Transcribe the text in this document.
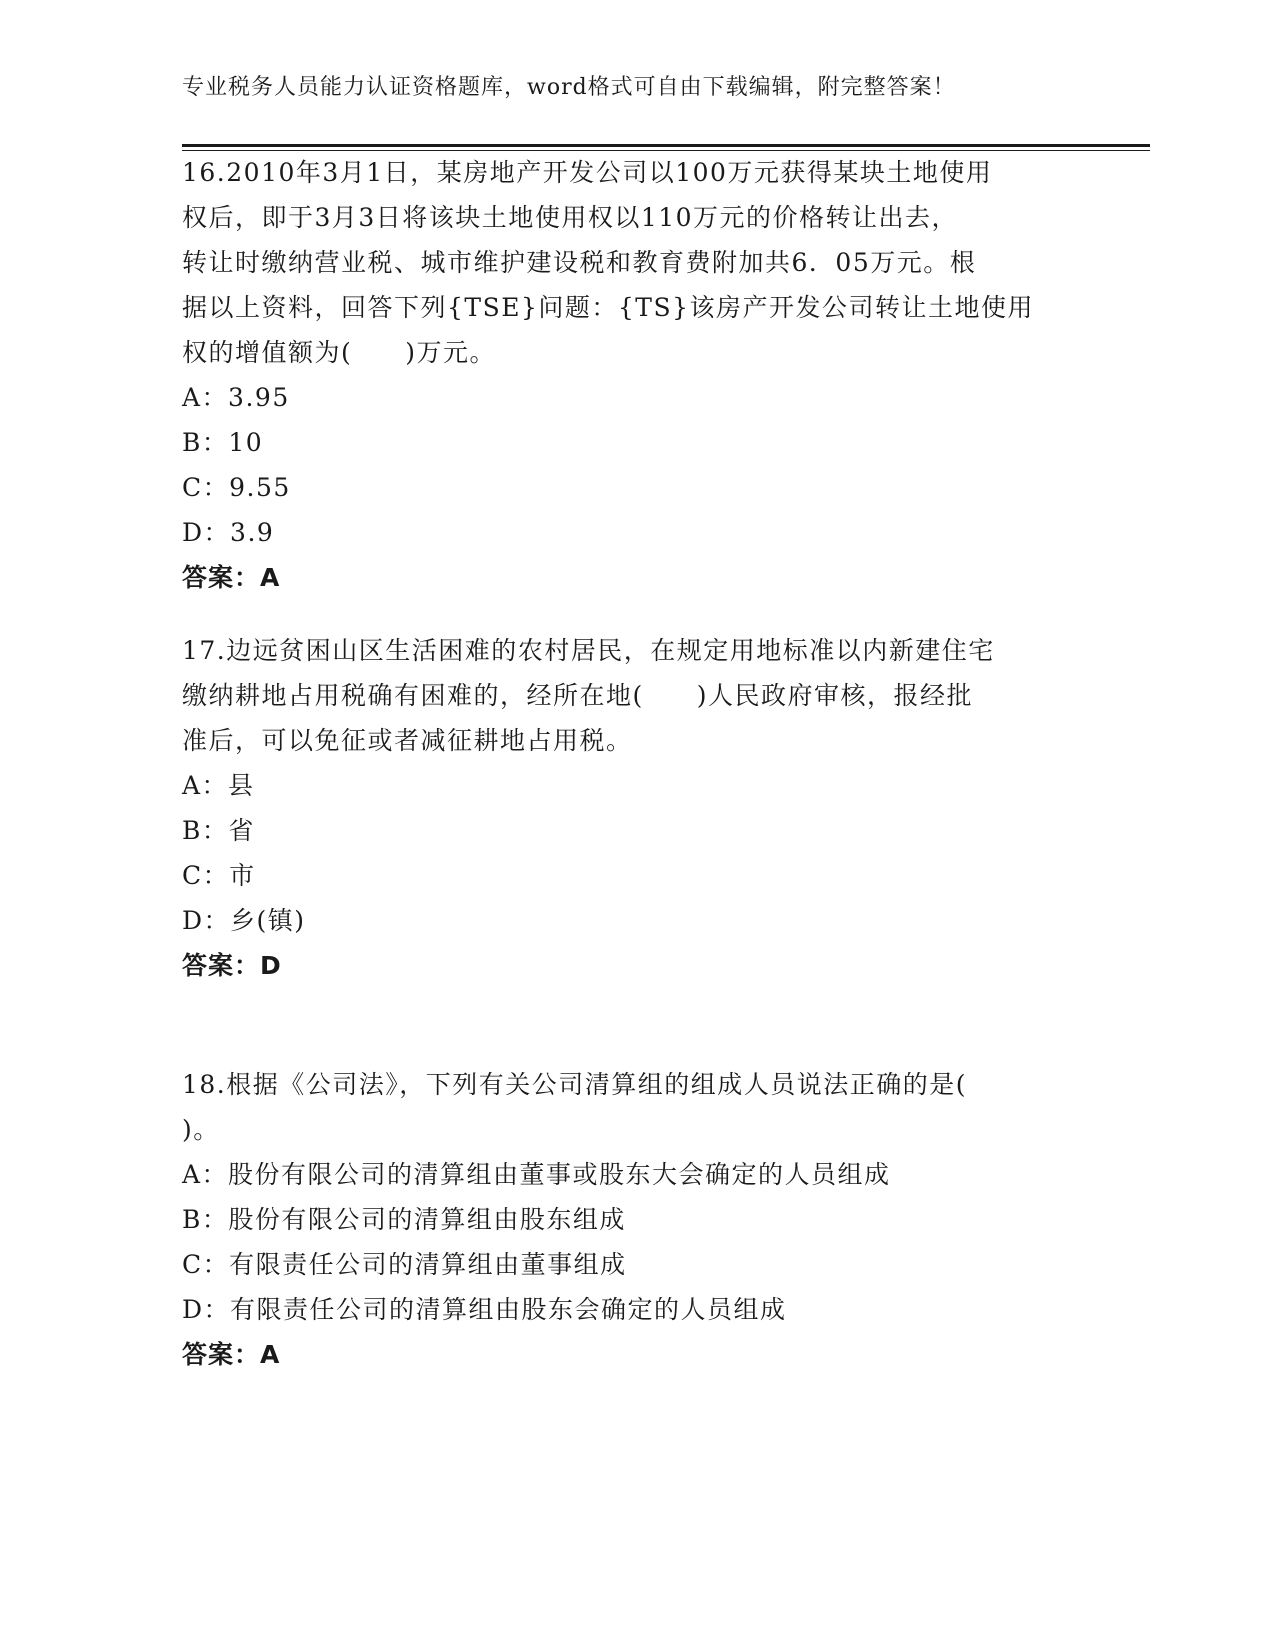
专业税务人员能力认证资格题库，word格式可自由下载编辑，附完整答案！

16.2010年3月1日，某房地产开发公司以100万元获得某块土地使用
权后，即于3月3日将该块土地使用权以110万元的价格转让出去，
转让时缴纳营业税、城市维护建设税和教育费附加共6．05万元。根
据以上资料，回答下列{TSE}问题：{TS}该房产开发公司转让土地使用
权的增值额为(　　)万元。

A：3.95
B：10
C：9.55
D：3.9
答案：A

17.边远贫困山区生活困难的农村居民，在规定用地标准以内新建住宅
缴纳耕地占用税确有困难的，经所在地(　　)人民政府审核，报经批
准后，可以免征或者减征耕地占用税。

A：县
B：省
C：市
D：乡(镇)
答案：D

18.根据《公司法》，下列有关公司清算组的组成人员说法正确的是(
)。

A：股份有限公司的清算组由董事或股东大会确定的人员组成
B：股份有限公司的清算组由股东组成
C：有限责任公司的清算组由董事组成
D：有限责任公司的清算组由股东会确定的人员组成
答案：A
